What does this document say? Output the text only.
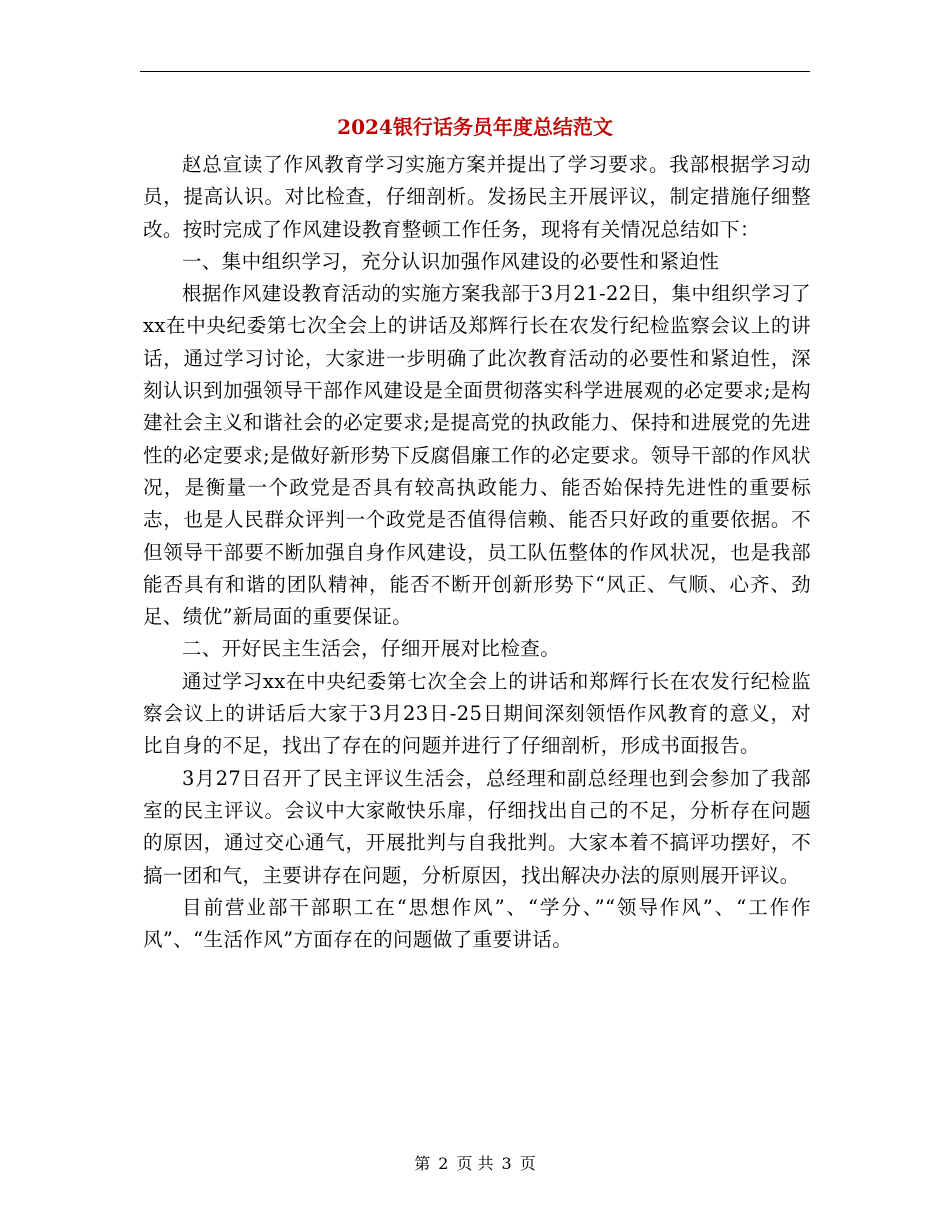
2024银行话务员年度总结范文

赵总宣读了作风教育学习实施方案并提出了学习要求。我部根据学习动员，提高认识。对比检查，仔细剖析。发扬民主开展评议，制定措施仔细整改。按时完成了作风建设教育整顿工作任务，现将有关情况总结如下：

一、集中组织学习，充分认识加强作风建设的必要性和紧迫性

根据作风建设教育活动的实施方案我部于3月21-22日，集中组织学习了xx在中央纪委第七次全会上的讲话及郑辉行长在农发行纪检监察会议上的讲话，通过学习讨论，大家进一步明确了此次教育活动的必要性和紧迫性，深刻认识到加强领导干部作风建设是全面贯彻落实科学进展观的必定要求;是构建社会主义和谐社会的必定要求;是提高党的执政能力、保持和进展党的先进性的必定要求;是做好新形势下反腐倡廉工作的必定要求。领导干部的作风状况，是衡量一个政党是否具有较高执政能力、能否始保持先进性的重要标志，也是人民群众评判一个政党是否值得信赖、能否只好政的重要依据。不但领导干部要不断加强自身作风建设，员工队伍整体的作风状况，也是我部能否具有和谐的团队精神，能否不断开创新形势下“风正、气顺、心齐、劲足、绩优”新局面的重要保证。

二、开好民主生活会，仔细开展对比检查。

通过学习xx在中央纪委第七次全会上的讲话和郑辉行长在农发行纪检监察会议上的讲话后大家于3月23日-25日期间深刻领悟作风教育的意义，对比自身的不足，找出了存在的问题并进行了仔细剖析，形成书面报告。

3月27日召开了民主评议生活会，总经理和副总经理也到会参加了我部室的民主评议。会议中大家敞快乐扉，仔细找出自己的不足，分析存在问题的原因，通过交心通气，开展批判与自我批判。大家本着不搞评功摆好，不搞一团和气，主要讲存在问题，分析原因，找出解决办法的原则展开评议。

目前营业部干部职工在“思想作风”、“学分、”“领导作风”、“工作作风”、“生活作风”方面存在的问题做了重要讲话。

第 2 页 共 3 页
